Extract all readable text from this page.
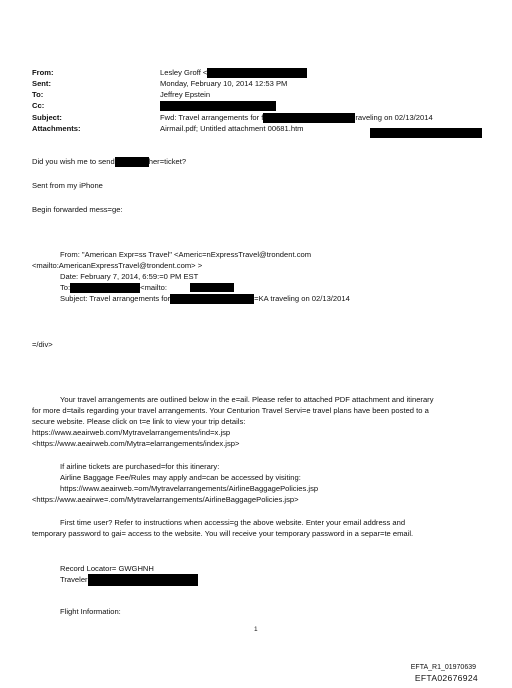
From:	Lesley Groff <
Sent:	Monday, February 10, 2014 12:53 PM
To:	Jeffrey Epstein
Cc:
Subject:	Fwd: Travel arrangements for f	raveling on 02/13/2014
Attachments:	Airmail.pdf; Untitled attachment 00681.htm
Did you wish me to send	her=ticket?
Sent from my iPhone
Begin forwarded mess=ge:
From: "American Expr=ss Travel" <Americ=nExpressTravel@trondent.com
<mailto:AmericanExpressTravel@trondent.com> >
Date: February 7, 2014, 6:59:=0 PM EST
To:	<mailto:
Subject: Travel arrangements for	=KA traveling on 02/13/2014
=/div>
Your travel arrangements are outlined below in the e=ail. Please refer to attached PDF attachment and itinerary
for more d=tails regarding your travel arrangements. Your Centurion Travel Servi=e travel plans have been posted to a
secure website. Please click on t=e link to view your trip details:
https://www.aeairweb.com/Mytravelarrangements/ind=x.jsp
<https://www.aeairweb.com/Mytra=elarrangements/index.jsp>
If airline tickets are purchased=for this itinerary:
Airline Baggage Fee/Rules may apply and=can be accessed by visiting:
https://www.aeairweb.=om/Mytravelarrangements/AirlineBaggagePolicies.jsp
<https://www.aeairwe=.com/Mytravelarrangements/AirlineBaggagePolicies.jsp>
First time user? Refer to instructions when accessi=g the above website. Enter your email address and
temporary password to gai= access to the website. You will receive your temporary password in a separ=te email.
Record Locator= GWGHNH
Traveler
Flight Information:
1
EFTA_R1_01970639
EFTA02676924
